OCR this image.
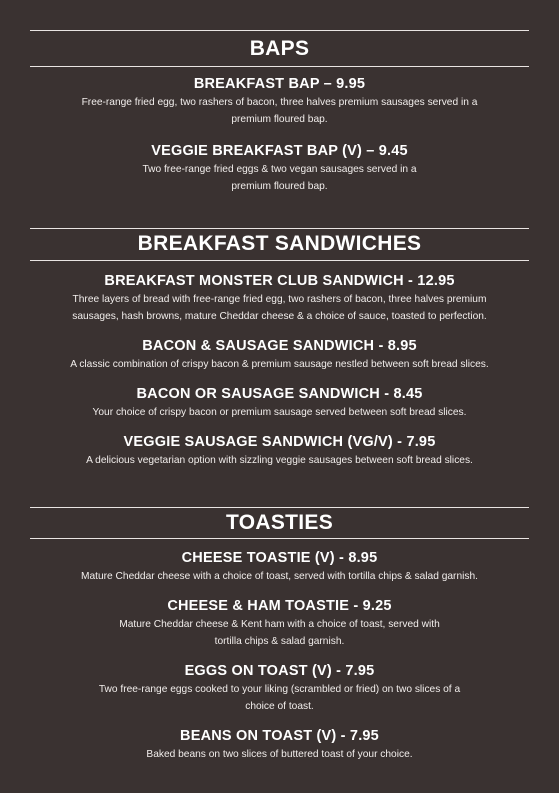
BAPS

BREAKFAST BAP – 9.95

Free-range fried egg, two rashers of bacon, three halves premium sausages served in a

premium floured bap.

VEGGIE BREAKFAST BAP (V) – 9.45

Two free-range fried eggs & two vegan sausages served in a

premium floured bap.

BREAKFAST SANDWICHES

BREAKFAST MONSTER CLUB SANDWICH - 12.95

Three layers of bread with free-range fried egg, two rashers of bacon, three halves premium

sausages, hash browns, mature Cheddar cheese & a choice of sauce, toasted to perfection.

BACON & SAUSAGE SANDWICH - 8.95

A classic combination of crispy bacon & premium sausage nestled between soft bread slices.

BACON OR SAUSAGE SANDWICH - 8.45

Your choice of crispy bacon or premium sausage served between soft bread slices.

VEGGIE SAUSAGE SANDWICH (VG/V) - 7.95

A delicious vegetarian option with sizzling veggie sausages between soft bread slices.

TOASTIES

CHEESE TOASTIE (V) - 8.95

Mature Cheddar cheese with a choice of toast, served with tortilla chips & salad garnish.

CHEESE & HAM TOASTIE - 9.25

Mature Cheddar cheese & Kent ham with a choice of toast, served with

tortilla chips & salad garnish.

EGGS ON TOAST (V) - 7.95

Two free-range eggs cooked to your liking (scrambled or fried) on two slices of a

choice of toast.

BEANS ON TOAST (V) - 7.95

Baked beans on two slices of buttered toast of your choice.
